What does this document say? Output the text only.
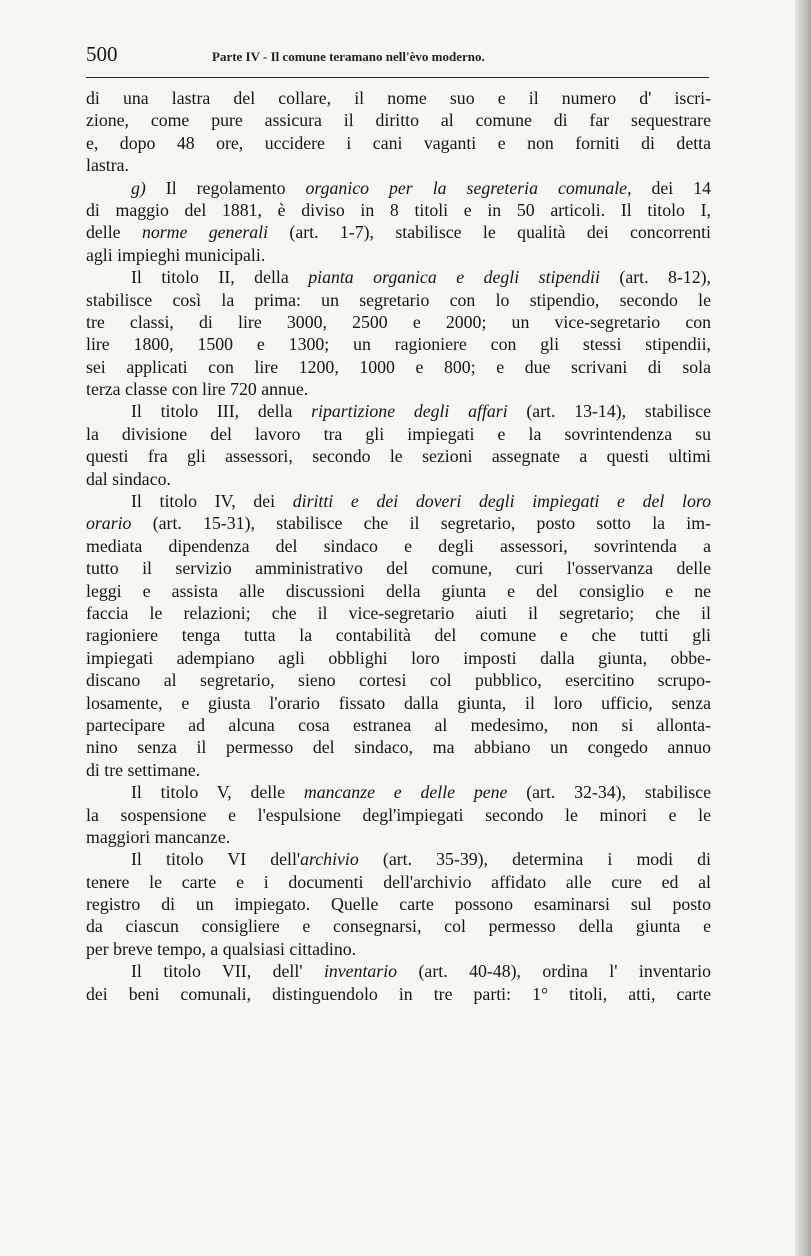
500	Parte IV - Il comune teramano nell'èvo moderno.
di una lastra del collare, il nome suo e il numero d' iscri-
zione, come pure assicura il diritto al comune di far sequestrare
e, dopo 48 ore, uccidere i cani vaganti e non forniti di detta
lastra.
g) Il regolamento organico per la segreteria comunale, dei 14
di maggio del 1881, è diviso in 8 titoli e in 50 articoli. Il titolo I,
delle norme generali (art. 1-7), stabilisce le qualità dei concorrenti
agli impieghi municipali.
Il titolo II, della pianta organica e degli stipendii (art. 8-12),
stabilisce così la prima: un segretario con lo stipendio, secondo le
tre classi, di lire 3000, 2500 e 2000; un vice-segretario con
lire 1800, 1500 e 1300; un ragioniere con gli stessi stipendii,
sei applicati con lire 1200, 1000 e 800; e due scrivani di sola
terza classe con lire 720 annue.
Il titolo III, della ripartizione degli affari (art. 13-14), stabilisce
la divisione del lavoro tra gli impiegati e la sovrintendenza su
questi fra gli assessori, secondo le sezioni assegnate a questi ultimi
dal sindaco.
Il titolo IV, dei diritti e dei doveri degli impiegati e del loro
orario (art. 15-31), stabilisce che il segretario, posto sotto la im-
mediata dipendenza del sindaco e degli assessori, sovrintenda a
tutto il servizio amministrativo del comune, curi l'osservanza delle
leggi e assista alle discussioni della giunta e del consiglio e ne
faccia le relazioni; che il vice-segretario aiuti il segretario; che il
ragioniere tenga tutta la contabilità del comune e che tutti gli
impiegati adempiano agli obblighi loro imposti dalla giunta, obbe-
discano al segretario, sieno cortesi col pubblico, esercitino scrupo-
losamente, e giusta l'orario fissato dalla giunta, il loro ufficio, senza
partecipare ad alcuna cosa estranea al medesimo, non si allonta-
nino senza il permesso del sindaco, ma abbiano un congedo annuo
di tre settimane.
Il titolo V, delle mancanze e delle pene (art. 32-34), stabilisce
la sospensione e l'espulsione degl'impiegati secondo le minori e le
maggiori mancanze.
Il titolo VI dell'archivio (art. 35-39), determina i modi di
tenere le carte e i documenti dell'archivio affidato alle cure ed al
registro di un impiegato. Quelle carte possono esaminarsi sul posto
da ciascun consigliere e consegnarsi, col permesso della giunta e
per breve tempo, a qualsiasi cittadino.
Il titolo VII, dell' inventario (art. 40-48), ordina l' inventario
dei beni comunali, distinguendolo in tre parti: 1° titoli, atti, carte
